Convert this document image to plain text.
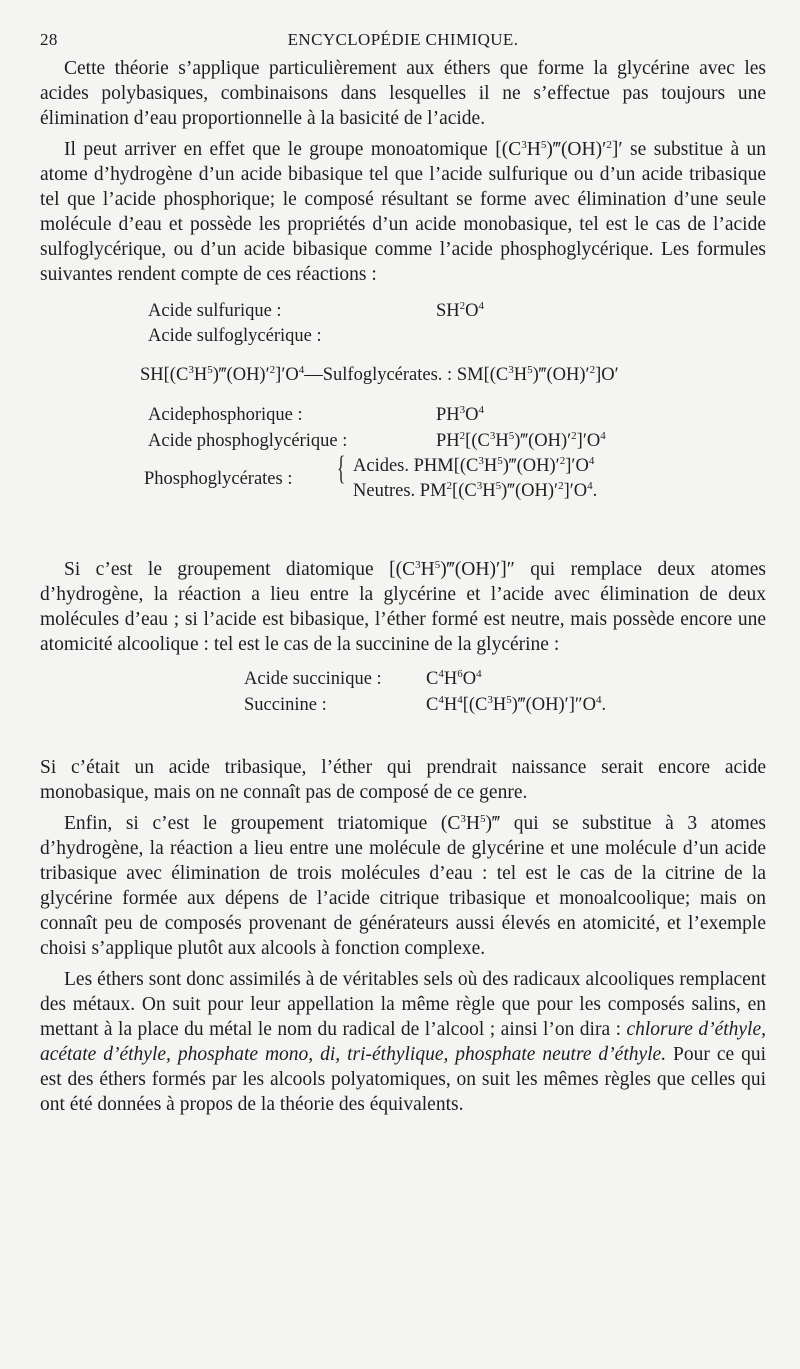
28	ENCYCLOPÉDIE CHIMIQUE.

Cette théorie s’applique particulièrement aux éthers que forme la glycérine avec les acides polybasiques, combinaisons dans lesquelles il ne s’effectue pas toujours une élimination d’eau proportionnelle à la basicité de l’acide.

Il peut arriver en effet que le groupe monoatomique $[(C^3H^5)‴(OH)'^2]'$ se substitue à un atome d’hydrogène d’un acide bibasique tel que l’acide sulfurique ou d’un acide tribasique tel que l’acide phosphorique; le composé résultant se forme avec élimination d’une seule molécule d’eau et possède les propriétés d’un acide monobasique, tel est le cas de l’acide sulfoglycérique, ou d’un acide bibasique comme l’acide phosphoglycérique. Les formules suivantes rendent compte de ces réactions :

Acide sulfurique :	$SH^2O^4$
Acide sulfoglycérique :
$SH[(C^3H^5)‴(OH)'^2]'O^4—Sulfoglycérates$. : $SM[(C^3H^5)‴(OH)'^2]O'$
Acidephosphorique :	$PH^3O^4$
Acide phosphoglycérique :	$PH^2[(C^3H^5)‴(OH)'^2]'O^4$
Phosphoglycérates : { Acides. $PHM[(C^3H^5)‴(OH)'^2]'O^4$
Neutres. $PM^2[(C^3H^5)‴(OH)'^2]'O^4$.

Si c’est le groupement diatomique $[(C^3H^5)‴(OH)']''$ qui remplace deux atomes d’hydrogène, la réaction a lieu entre la glycérine et l’acide avec élimination de deux molécules d’eau ; si l’acide est bibasique, l’éther formé est neutre, mais possède encore une atomicité alcoolique : tel est le cas de la succinine de la glycérine :

Acide succinique : $C^4H^6O^4$
Succinine :	$C^4H^4[(C^3H^5)‴(OH)']''O^4$.

Si c’était un acide tribasique, l’éther qui prendrait naissance serait encore acide monobasique, mais on ne connaît pas de composé de ce genre.

Enfin, si c’est le groupement triatomique $(C^3H^5)‴$ qui se substitue à 3 atomes d’hydrogène, la réaction a lieu entre une molécule de glycérine et une molécule d’un acide tribasique avec élimination de trois molécules d’eau : tel est le cas de la citrine de la glycérine formée aux dépens de l’acide citrique tribasique et monoalcoolique; mais on connaît peu de composés provenant de générateurs aussi élevés en atomicité, et l’exemple choisi s’applique plutôt aux alcools à fonction complexe.

Les éthers sont donc assimilés à de véritables sels où des radicaux alcooliques remplacent des métaux. On suit pour leur appellation la même règle que pour les composés salins, en mettant à la place du métal le nom du radical de l’alcool ; ainsi l’on dira : chlorure d’éthyle, acétate d’éthyle, phosphate mono, di, tri-éthylique, phosphate neutre d’éthyle. Pour ce qui est des éthers formés par les alcools polyatomiques, on suit les mêmes règles que celles qui ont été données à propos de la théorie des équivalents.
